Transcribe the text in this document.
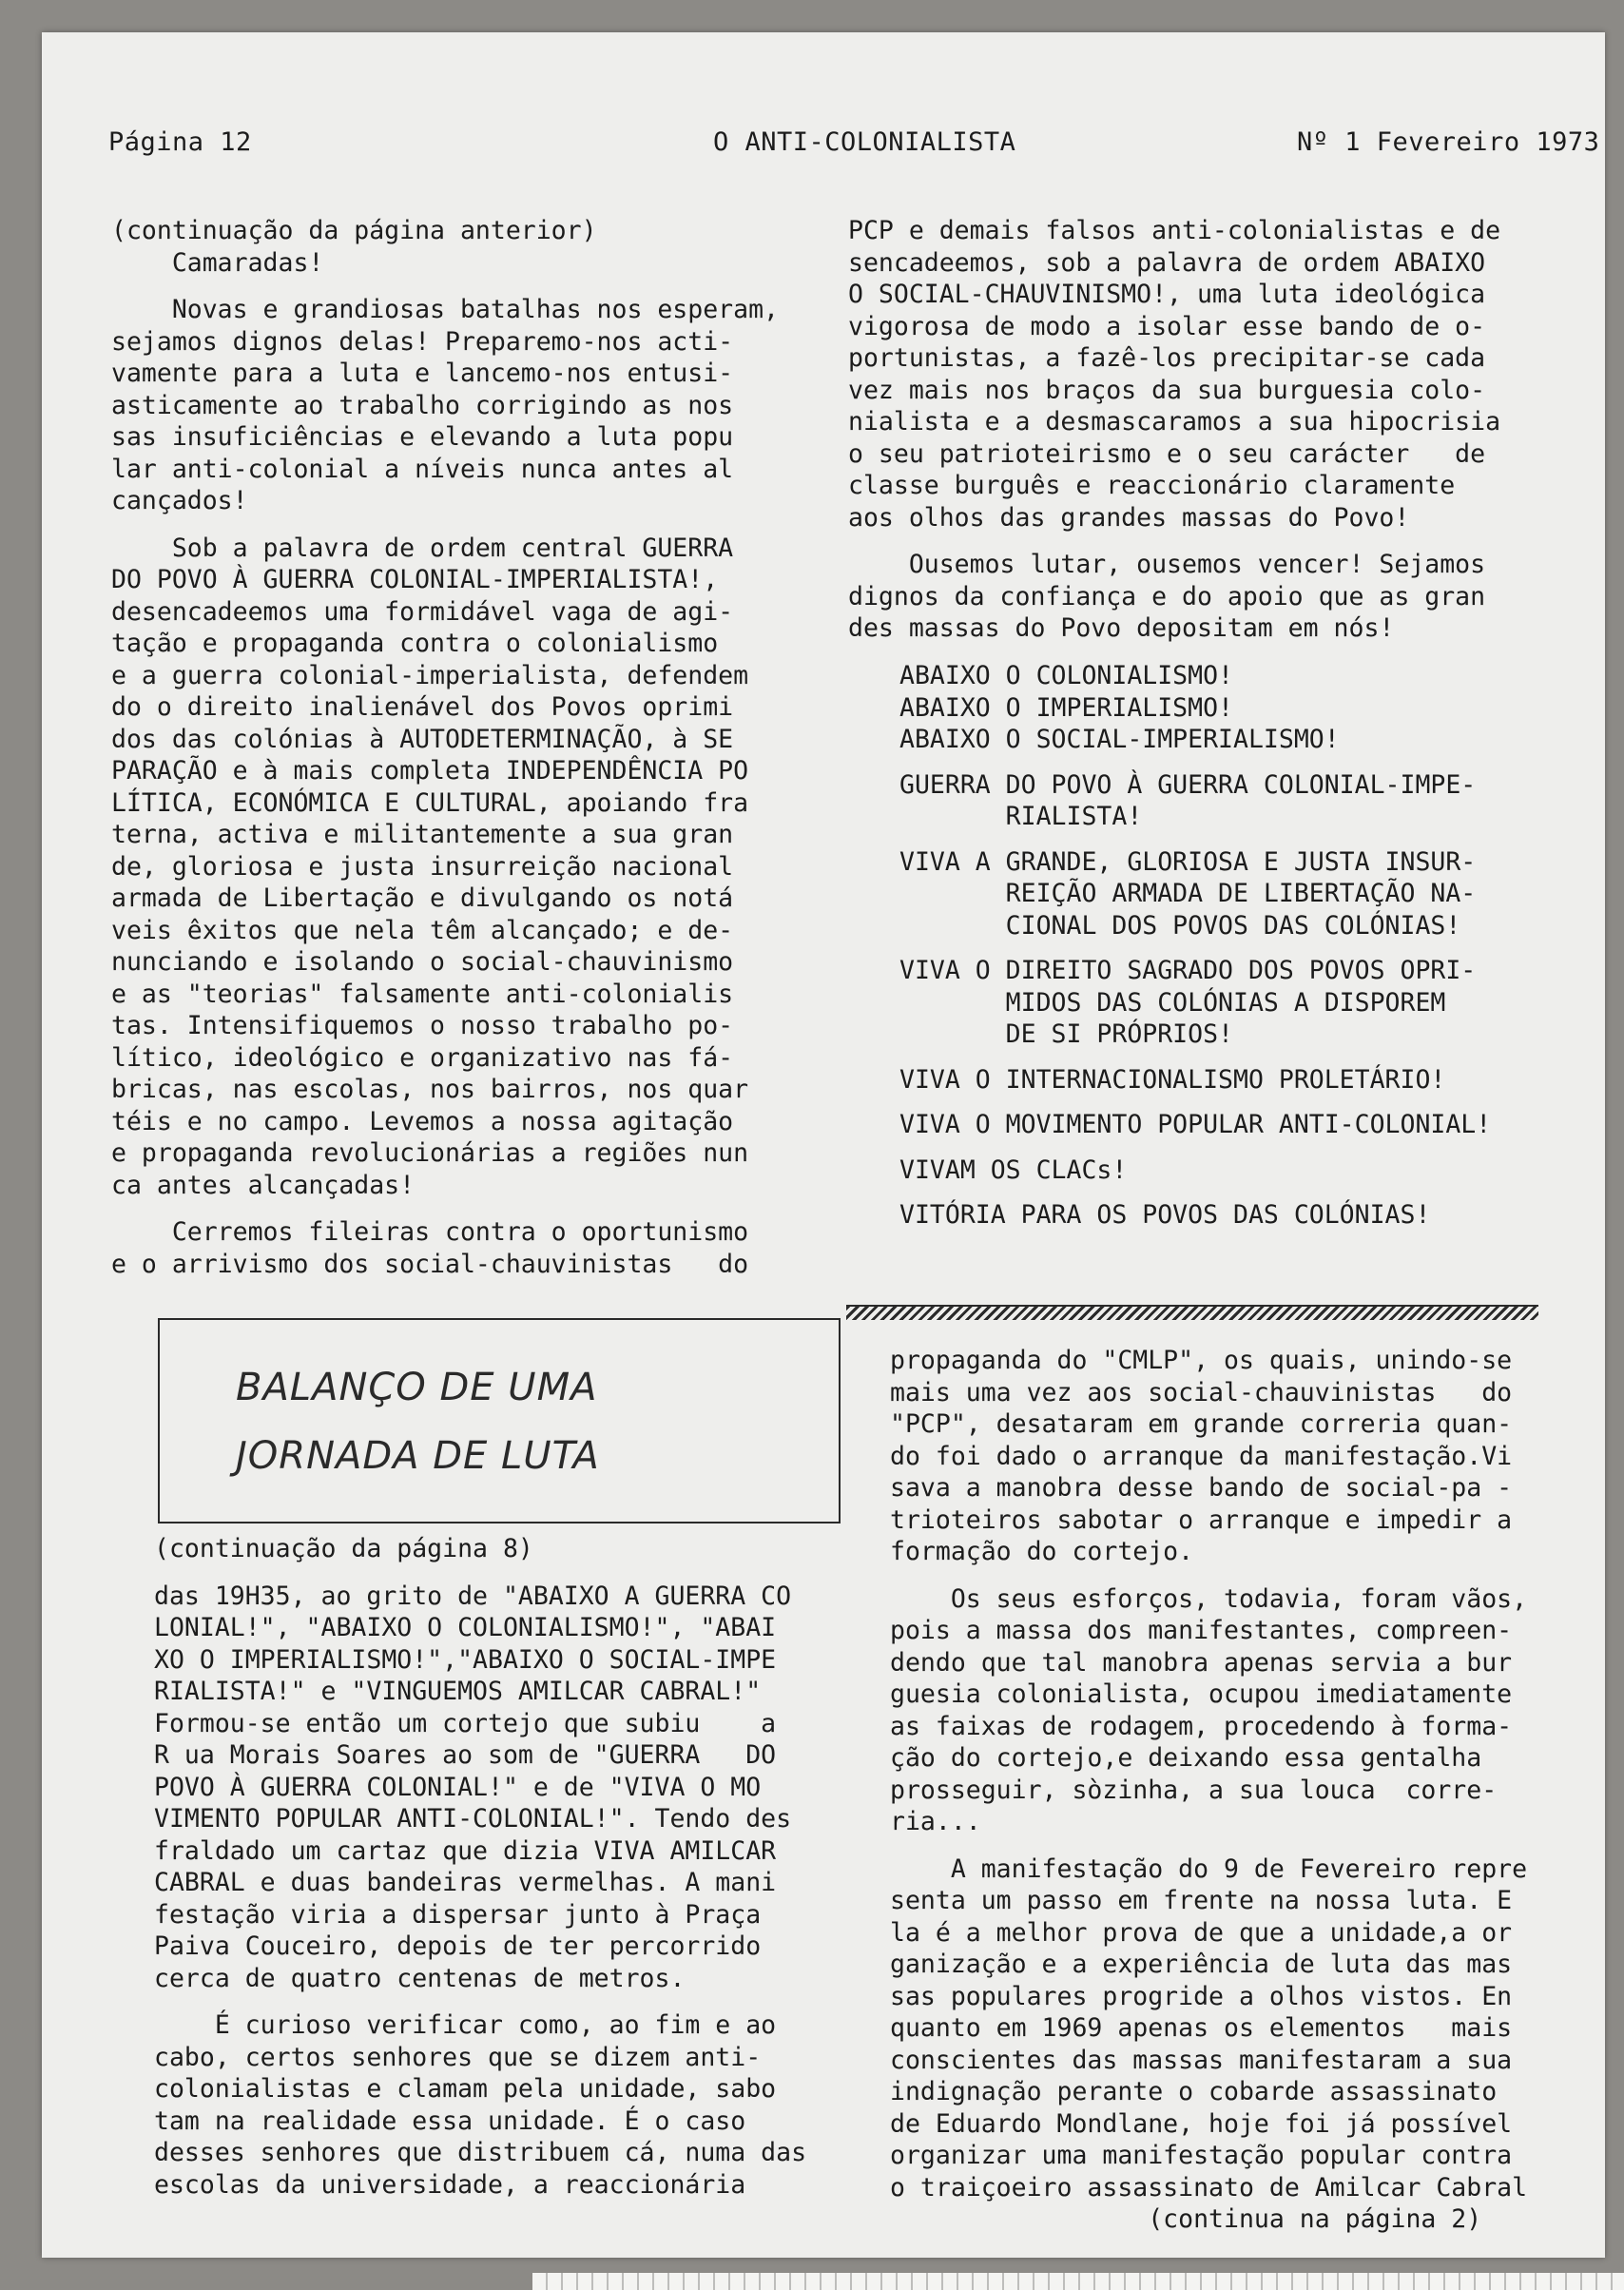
Página 12	O ANTI-COLONIALISTA	Nº 1 Fevereiro 1973

(continuação da página anterior)

Camaradas!

Novas e grandiosas batalhas nos esperam,

sejamos dignos delas! Preparemo-nos acti-

vamente para a luta e lancemo-nos entusi-

asticamente ao trabalho corrigindo as nos

sas insuficiências e elevando a luta popu

lar anti-colonial a níveis nunca antes al

cançados!

Sob a palavra de ordem central GUERRA

DO POVO À GUERRA COLONIAL-IMPERIALISTA!,

desencadeemos uma formidável vaga de agi-

tação e propaganda contra o colonialismo

e a guerra colonial-imperialista, defendem

do o direito inalienável dos Povos oprimi

dos das colónias à AUTODETERMINAÇÃO, à SE

PARAÇÃO e à mais completa INDEPENDÊNCIA PO

LÍTICA, ECONÓMICA E CULTURAL, apoiando fra

terna, activa e militantemente a sua gran

de, gloriosa e justa insurreição nacional

armada de Libertação e divulgando os notá

veis êxitos que nela têm alcançado; e de-

nunciando e isolando o social-chauvinismo

e as "teorias" falsamente anti-colonialis

tas. Intensifiquemos o nosso trabalho po-

lítico, ideológico e organizativo nas fá-

bricas, nas escolas, nos bairros, nos quar

téis e no campo. Levemos a nossa agitação

e propaganda revolucionárias a regiões nun

ca antes alcançadas!

Cerremos fileiras contra o oportunismo

e o arrivismo dos social-chauvinistas   do

PCP e demais falsos anti-colonialistas e de

sencadeemos, sob a palavra de ordem ABAIXO

O SOCIAL-CHAUVINISMO!, uma luta ideológica

vigorosa de modo a isolar esse bando de o-

portunistas, a fazê-los precipitar-se cada

vez mais nos braços da sua burguesia colo-

nialista e a desmascaramos a sua hipocrisia

o seu patrioteirismo e o seu carácter   de

classe burguês e reaccionário claramente

aos olhos das grandes massas do Povo!

Ousemos lutar, ousemos vencer! Sejamos

dignos da confiança e do apoio que as gran

des massas do Povo depositam em nós!

ABAIXO O COLONIALISMO!
ABAIXO O IMPERIALISMO!
ABAIXO O SOCIAL-IMPERIALISMO!
GUERRA DO POVO À GUERRA COLONIAL-IMPE-
RIALISTA!
VIVA A GRANDE, GLORIOSA E JUSTA INSUR-
REIÇÃO ARMADA DE LIBERTAÇÃO NA-
CIONAL DOS POVOS DAS COLÓNIAS!
VIVA O DIREITO SAGRADO DOS POVOS OPRI-
MIDOS DAS COLÓNIAS A DISPOREM
DE SI PRÓPRIOS!
VIVA O INTERNACIONALISMO PROLETÁRIO!
VIVA O MOVIMENTO POPULAR ANTI-COLONIAL!
VIVAM OS CLACs!
VITÓRIA PARA OS POVOS DAS COLÓNIAS!

BALANÇO DE UMA

JORNADA DE LUTA

(continuação da página 8)

das 19H35, ao grito de "ABAIXO A GUERRA CO

LONIAL!", "ABAIXO O COLONIALISMO!", "ABAI

XO O IMPERIALISMO!","ABAIXO O SOCIAL-IMPE

RIALISTA!" e "VINGUEMOS AMILCAR CABRAL!"

Formou-se então um cortejo que subiu    a

R ua Morais Soares ao som de "GUERRA   DO

POVO À GUERRA COLONIAL!" e de "VIVA O MO

VIMENTO POPULAR ANTI-COLONIAL!". Tendo des

fraldado um cartaz que dizia VIVA AMILCAR

CABRAL e duas bandeiras vermelhas. A mani

festação viria a dispersar junto à Praça

Paiva Couceiro, depois de ter percorrido

cerca de quatro centenas de metros.

É curioso verificar como, ao fim e ao

cabo, certos senhores que se dizem anti-

colonialistas e clamam pela unidade, sabo

tam na realidade essa unidade. É o caso

desses senhores que distribuem cá, numa das

escolas da universidade, a reaccionária

propaganda do "CMLP", os quais, unindo-se

mais uma vez aos social-chauvinistas   do

"PCP", desataram em grande correria quan-

do foi dado o arranque da manifestação.Vi

sava a manobra desse bando de social-pa -

trioteiros sabotar o arranque e impedir a

formação do cortejo.

Os seus esforços, todavia, foram vãos,

pois a massa dos manifestantes, compreen-

dendo que tal manobra apenas servia a bur

guesia colonialista, ocupou imediatamente

as faixas de rodagem, procedendo à forma-

ção do cortejo,e deixando essa gentalha

prosseguir, sòzinha, a sua louca  corre-

ria...

A manifestação do 9 de Fevereiro repre

senta um passo em frente na nossa luta. E

la é a melhor prova de que a unidade,a or

ganização e a experiência de luta das mas

sas populares progride a olhos vistos. En

quanto em 1969 apenas os elementos   mais

conscientes das massas manifestaram a sua

indignação perante o cobarde assassinato

de Eduardo Mondlane, hoje foi já possível

organizar uma manifestação popular contra

o traiçoeiro assassinato de Amilcar Cabral

(continua na página 2)
